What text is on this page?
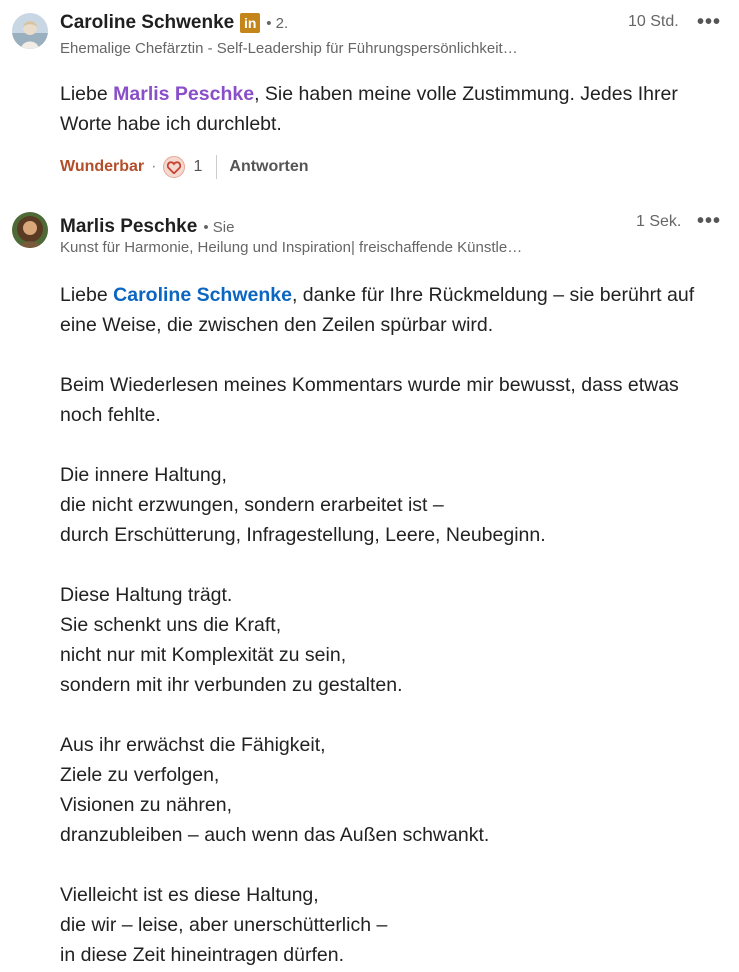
Caroline Schwenke in • 2.
Ehemalige Chefärztin - Self-Leadership für Führungspersönlichkeit…
10 Std. •••
Liebe Marlis Peschke, Sie haben meine volle Zustimmung. Jedes Ihrer
Worte habe ich durchlebt.
Wunderbar · 1 Antworten
Marlis Peschke • Sie
Kunst für Harmonie, Heilung und Inspiration| freischaffende Künstle…
1 Sek. •••

Liebe Caroline Schwenke, danke für Ihre Rückmeldung – sie berührt auf
eine Weise, die zwischen den Zeilen spürbar wird.

Beim Wiederlesen meines Kommentars wurde mir bewusst, dass etwas
noch fehlte.

Die innere Haltung,
die nicht erzwungen, sondern erarbeitet ist –
durch Erschütterung, Infragestellung, Leere, Neubeginn.

Diese Haltung trägt.
Sie schenkt uns die Kraft,
nicht nur mit Komplexität zu sein,
sondern mit ihr verbunden zu gestalten.

Aus ihr erwächst die Fähigkeit,
Ziele zu verfolgen,
Visionen zu nähren,
dranzubleiben – auch wenn das Außen schwankt.

Vielleicht ist es diese Haltung,
die wir – leise, aber unerschütterlich –
in diese Zeit hineintragen dürfen.
